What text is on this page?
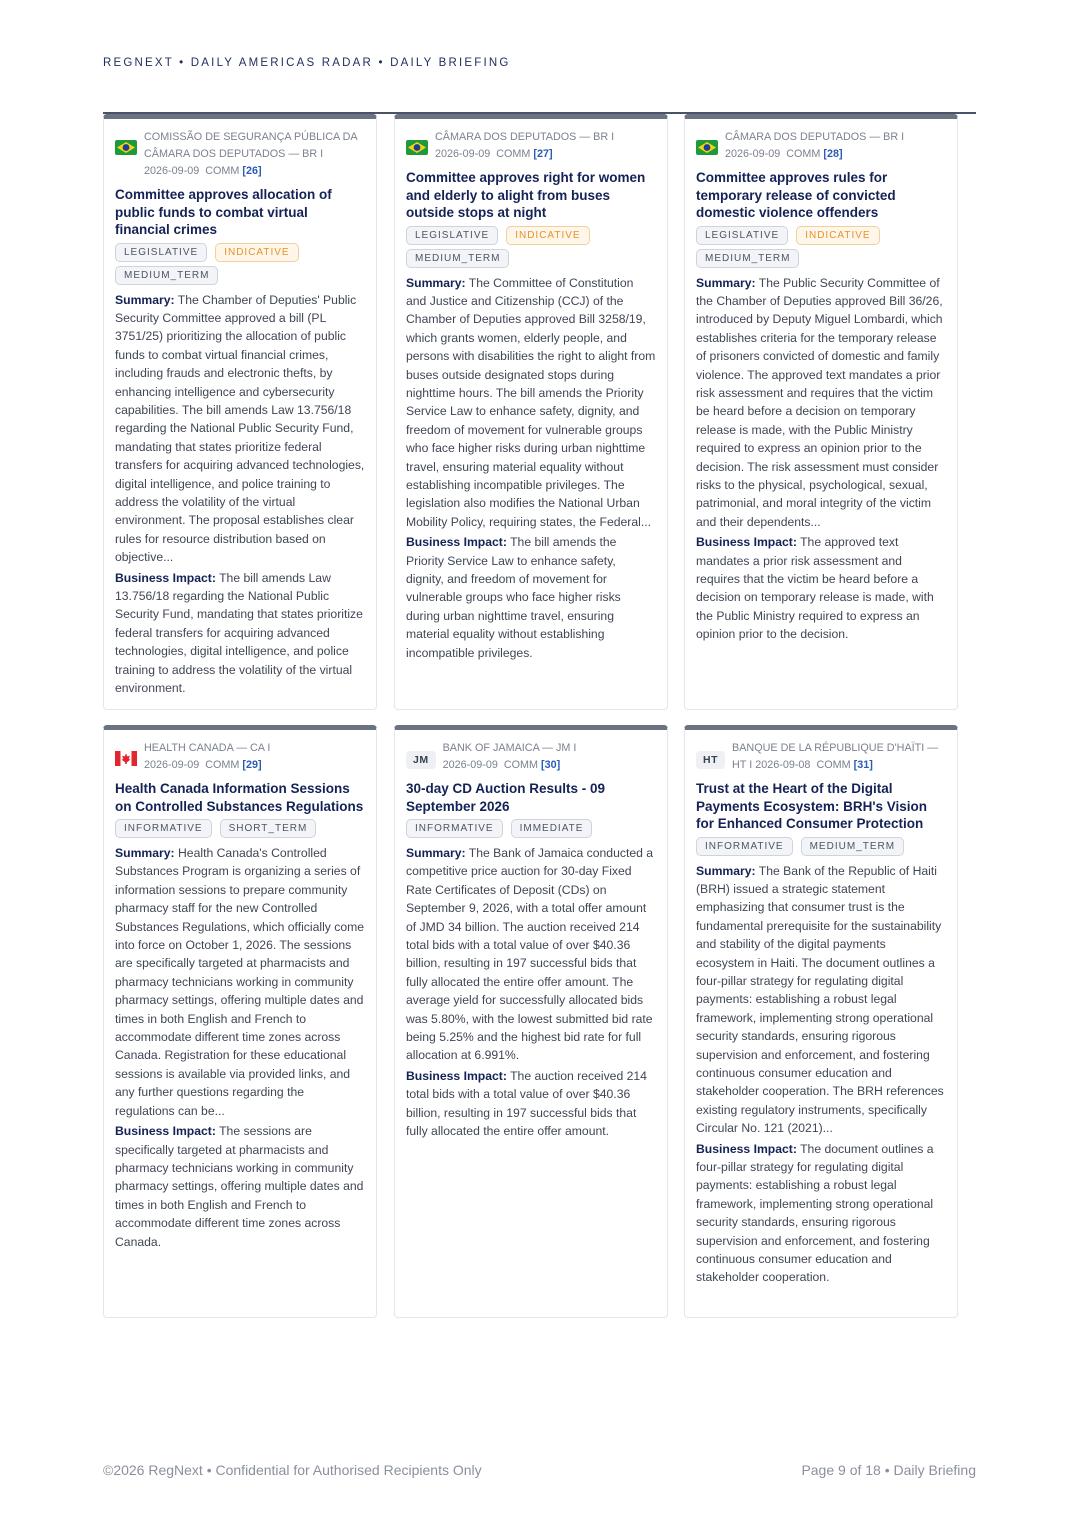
REGNEXT • DAILY AMERICAS RADAR • DAILY BRIEFING
COMISSÃO DE SEGURANÇA PÚBLICA DA CÂMARA DOS DEPUTADOS — BR I
2026-09-09 COMM [26]
Committee approves allocation of public funds to combat virtual financial crimes
LEGISLATIVE	INDICATIVE
MEDIUM_TERM
Summary: The Chamber of Deputies' Public Security Committee approved a bill (PL 3751/25) prioritizing the allocation of public funds to combat virtual financial crimes, including frauds and electronic thefts, by enhancing intelligence and cybersecurity capabilities. The bill amends Law 13.756/18 regarding the National Public Security Fund, mandating that states prioritize federal transfers for acquiring advanced technologies, digital intelligence, and police training to address the volatility of the virtual environment. The proposal establishes clear rules for resource distribution based on objective...
Business Impact: The bill amends Law 13.756/18 regarding the National Public Security Fund, mandating that states prioritize federal transfers for acquiring advanced technologies, digital intelligence, and police training to address the volatility of the virtual environment.
CÂMARA DOS DEPUTADOS — BR I
2026-09-09 COMM [27]
Committee approves right for women and elderly to alight from buses outside stops at night
LEGISLATIVE	INDICATIVE
MEDIUM_TERM
Summary: The Committee of Constitution and Justice and Citizenship (CCJ) of the Chamber of Deputies approved Bill 3258/19, which grants women, elderly people, and persons with disabilities the right to alight from buses outside designated stops during nighttime hours. The bill amends the Priority Service Law to enhance safety, dignity, and freedom of movement for vulnerable groups who face higher risks during urban nighttime travel, ensuring material equality without establishing incompatible privileges. The legislation also modifies the National Urban Mobility Policy, requiring states, the Federal...
Business Impact: The bill amends the Priority Service Law to enhance safety, dignity, and freedom of movement for vulnerable groups who face higher risks during urban nighttime travel, ensuring material equality without establishing incompatible privileges.
CÂMARA DOS DEPUTADOS — BR I
2026-09-09 COMM [28]
Committee approves rules for temporary release of convicted domestic violence offenders
LEGISLATIVE	INDICATIVE
MEDIUM_TERM
Summary: The Public Security Committee of the Chamber of Deputies approved Bill 36/26, introduced by Deputy Miguel Lombardi, which establishes criteria for the temporary release of prisoners convicted of domestic and family violence. The approved text mandates a prior risk assessment and requires that the victim be heard before a decision on temporary release is made, with the Public Ministry required to express an opinion prior to the decision. The risk assessment must consider risks to the physical, psychological, sexual, patrimonial, and moral integrity of the victim and their dependents...
Business Impact: The approved text mandates a prior risk assessment and requires that the victim be heard before a decision on temporary release is made, with the Public Ministry required to express an opinion prior to the decision.
HEALTH CANADA — CA I
2026-09-09 COMM [29]
Health Canada Information Sessions on Controlled Substances Regulations
INFORMATIVE	SHORT_TERM
Summary: Health Canada's Controlled Substances Program is organizing a series of information sessions to prepare community pharmacy staff for the new Controlled Substances Regulations, which officially come into force on October 1, 2026. The sessions are specifically targeted at pharmacists and pharmacy technicians working in community pharmacy settings, offering multiple dates and times in both English and French to accommodate different time zones across Canada. Registration for these educational sessions is available via provided links, and any further questions regarding the regulations can be...
Business Impact: The sessions are specifically targeted at pharmacists and pharmacy technicians working in community pharmacy settings, offering multiple dates and times in both English and French to accommodate different time zones across Canada.
JM
BANK OF JAMAICA — JM I
2026-09-09 COMM [30]
30-day CD Auction Results - 09 September 2026
INFORMATIVE	IMMEDIATE
Summary: The Bank of Jamaica conducted a competitive price auction for 30-day Fixed Rate Certificates of Deposit (CDs) on September 9, 2026, with a total offer amount of JMD 34 billion. The auction received 214 total bids with a total value of over $40.36 billion, resulting in 197 successful bids that fully allocated the entire offer amount. The average yield for successfully allocated bids was 5.80%, with the lowest submitted bid rate being 5.25% and the highest bid rate for full allocation at 6.991%.
Business Impact: The auction received 214 total bids with a total value of over $40.36 billion, resulting in 197 successful bids that fully allocated the entire offer amount.
HT
BANQUE DE LA RÉPUBLIQUE D'HAÏTI — HT I 2026-09-08 COMM [31]
Trust at the Heart of the Digital Payments Ecosystem: BRH's Vision for Enhanced Consumer Protection
INFORMATIVE	MEDIUM_TERM
Summary: The Bank of the Republic of Haiti (BRH) issued a strategic statement emphasizing that consumer trust is the fundamental prerequisite for the sustainability and stability of the digital payments ecosystem in Haiti. The document outlines a four-pillar strategy for regulating digital payments: establishing a robust legal framework, implementing strong operational security standards, ensuring rigorous supervision and enforcement, and fostering continuous consumer education and stakeholder cooperation. The BRH references existing regulatory instruments, specifically Circular No. 121 (2021)...
Business Impact: The document outlines a four-pillar strategy for regulating digital payments: establishing a robust legal framework, implementing strong operational security standards, ensuring rigorous supervision and enforcement, and fostering continuous consumer education and stakeholder cooperation.
©2026 RegNext • Confidential for Authorised Recipients Only	Page 9 of 18 • Daily Briefing
